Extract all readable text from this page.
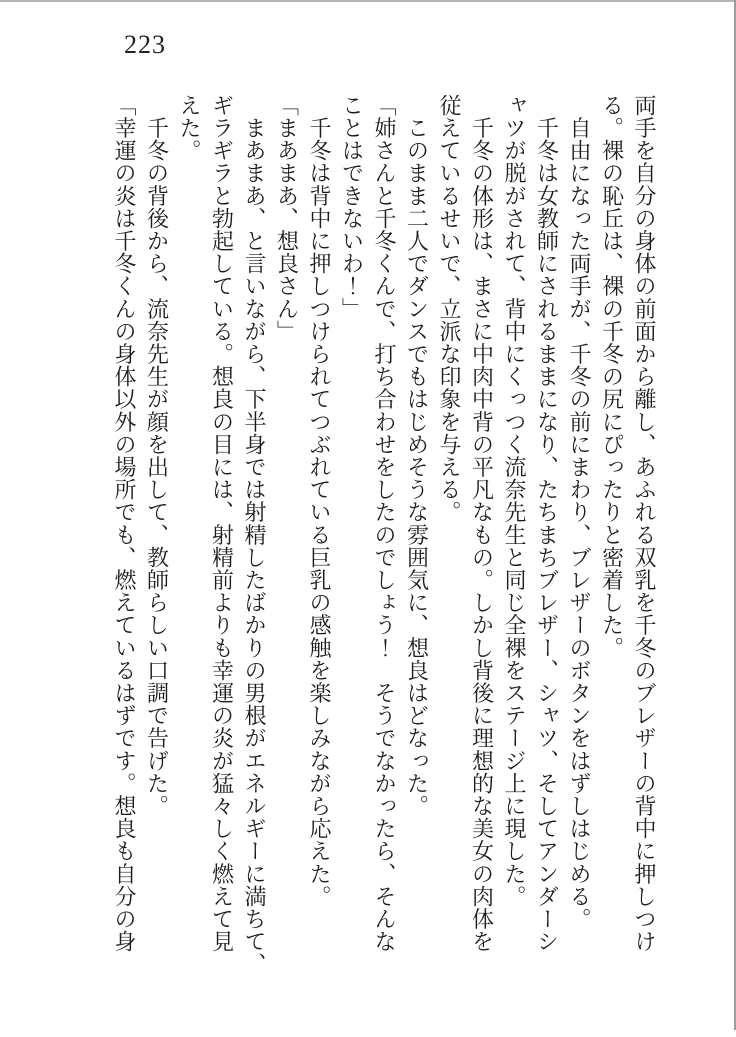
223
両手を自分の身体の前面から離し、あふれる双乳を千冬のブレザーの背中に押しつけ
る。裸の恥丘は、裸の千冬の尻にぴったりと密着した。
　自由になった両手が、千冬の前にまわり、ブレザーのボタンをはずしはじめる。
　千冬は女教師にされるままになり、たちまちブレザー、シャツ、そしてアンダーシ
ャツが脱がされて、背中にくっつく流奈先生と同じ全裸をステージ上に現した。
　千冬の体形は、まさに中肉中背の平凡なもの。しかし背後に理想的な美女の肉体を
従えているせいで、立派な印象を与える。
　このまま二人でダンスでもはじめそうな雰囲気に、想良はどなった。
「姉さんと千冬くんで、打ち合わせをしたのでしょう！　そうでなかったら、そんな
ことはできないわ！」
　千冬は背中に押しつけられてつぶれている巨乳の感触を楽しみながら応えた。
「まあまあ、想良さん」
　まあまあ、と言いながら、下半身では射精したばかりの男根がエネルギーに満ちて、
ギラギラと勃起している。想良の目には、射精前よりも幸運の炎が猛々しく燃えて見
えた。
　千冬の背後から、流奈先生が顔を出して、教師らしい口調で告げた。
「幸運の炎は千冬くんの身体以外の場所でも、燃えているはずです。想良も自分の身
